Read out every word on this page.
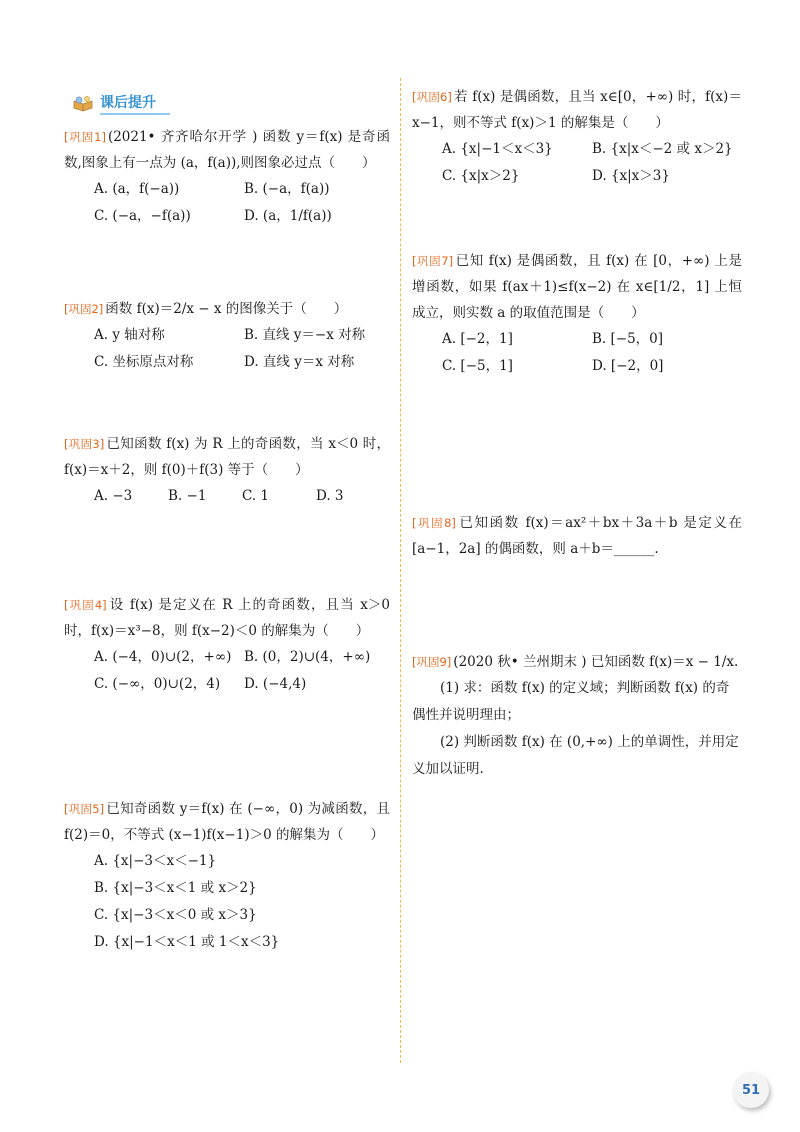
课后提升
[巩固1] (2021• 齐齐哈尔开学 ) 函数 y＝f(x) 是奇函数,图象上有一点为 (a，f(a)),则图象必过点（　　）
A. (a，f(−a))	B. (−a，f(a))
C. (−a，−f(a))	D. (a，1/f(a))
[巩固2] 函数 f(x)＝2/x − x 的图像关于（　　）
A. y 轴对称	B. 直线 y＝−x 对称
C. 坐标原点对称	D. 直线 y＝x 对称
[巩固3] 已知函数 f(x) 为 R 上的奇函数，当 x＜0 时，f(x)＝x＋2，则 f(0)＋f(3) 等于（　　）
A. −3	B. −1	C. 1	D. 3
[巩固4] 设 f(x) 是定义在 R 上的奇函数，且当 x＞0 时，f(x)＝x³−8，则 f(x−2)＜0 的解集为（　　）
A. (−4，0)∪(2，+∞) B. (0，2)∪(4，+∞)
C. (−∞，0)∪(2，4)	D. (−4,4)
[巩固5] 已知奇函数 y＝f(x) 在 (−∞，0) 为减函数，且 f(2)＝0，不等式 (x−1)f(x−1)＞0 的解集为（　　）
A. {x|−3＜x＜−1}
B. {x|−3＜x＜1 或 x＞2}
C. {x|−3＜x＜0 或 x＞3}
D. {x|−1＜x＜1 或 1＜x＜3}
[巩固6] 若 f(x) 是偶函数，且当 x∈[0，+∞) 时，f(x)＝x−1，则不等式 f(x)＞1 的解集是（　　）
A. {x|−1＜x＜3}	B. {x|x＜−2 或 x＞2}
C. {x|x＞2}	D. {x|x＞3}
[巩固7] 已知 f(x) 是偶函数，且 f(x) 在 [0，+∞) 上是增函数，如果 f(ax＋1)≤f(x−2) 在 x∈[1/2，1] 上恒成立，则实数 a 的取值范围是（　　）
A. [−2，1]	B. [−5，0]
C. [−5，1]	D. [−2，0]
[巩固8] 已知函数 f(x)＝ax²＋bx＋3a＋b 是定义在 [a−1，2a] 的偶函数，则 a＋b＝______.
[巩固9] (2020 秋• 兰州期末 ) 已知函数 f(x)＝x − 1/x.
(1) 求：函数 f(x) 的定义域；判断函数 f(x) 的奇偶性并说明理由；
(2) 判断函数 f(x) 在 (0,+∞) 上的单调性，并用定义加以证明.
51
